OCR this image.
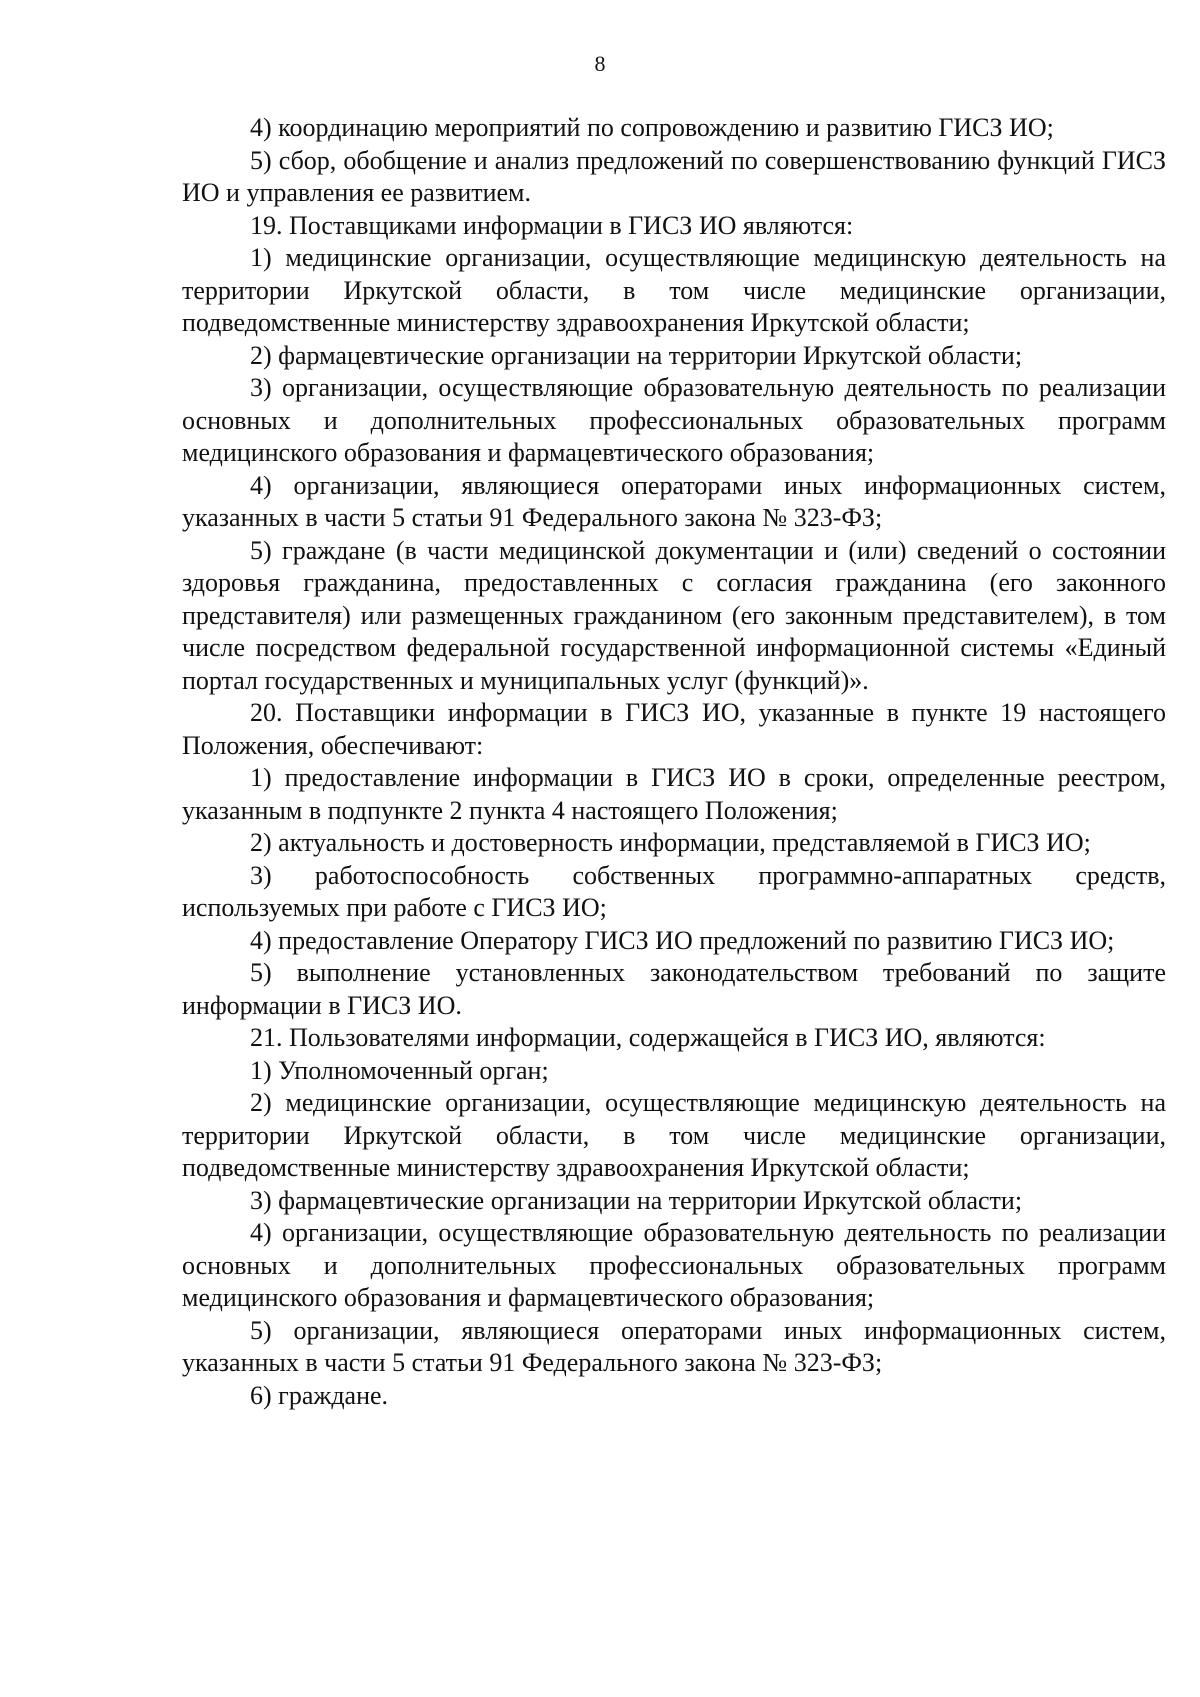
8

4) координацию мероприятий по сопровождению и развитию ГИСЗ ИО;

5) сбор, обобщение и анализ предложений по совершенствованию функций ГИСЗ ИО и управления ее развитием.

19. Поставщиками информации в ГИСЗ ИО являются:

1) медицинские организации, осуществляющие медицинскую деятельность на территории Иркутской области, в том числе медицинские организации, подведомственные министерству здравоохранения Иркутской области;

2) фармацевтические организации на территории Иркутской области;

3) организации, осуществляющие образовательную деятельность по реализации основных и дополнительных профессиональных образовательных программ медицинского образования и фармацевтического образования;

4) организации, являющиеся операторами иных информационных систем, указанных в части 5 статьи 91 Федерального закона № 323-ФЗ;

5) граждане (в части медицинской документации и (или) сведений о состоянии здоровья гражданина, предоставленных с согласия гражданина (его законного представителя) или размещенных гражданином (его законным представителем), в том числе посредством федеральной государственной информационной системы «Единый портал государственных и муниципальных услуг (функций)».

20. Поставщики информации в ГИСЗ ИО, указанные в пункте 19 настоящего Положения, обеспечивают:

1) предоставление информации в ГИСЗ ИО в сроки, определенные реестром, указанным в подпункте 2 пункта 4 настоящего Положения;

2) актуальность и достоверность информации, представляемой в ГИСЗ ИО;

3) работоспособность собственных программно-аппаратных средств, используемых при работе с ГИСЗ ИО;

4) предоставление Оператору ГИСЗ ИО предложений по развитию ГИСЗ ИО;

5) выполнение установленных законодательством требований по защите информации в ГИСЗ ИО.

21. Пользователями информации, содержащейся в ГИСЗ ИО, являются:

1) Уполномоченный орган;

2) медицинские организации, осуществляющие медицинскую деятельность на территории Иркутской области, в том числе медицинские организации, подведомственные министерству здравоохранения Иркутской области;

3) фармацевтические организации на территории Иркутской области;

4) организации, осуществляющие образовательную деятельность по реализации основных и дополнительных профессиональных образовательных программ медицинского образования и фармацевтического образования;

5) организации, являющиеся операторами иных информационных систем, указанных в части 5 статьи 91 Федерального закона № 323-ФЗ;

6) граждане.
